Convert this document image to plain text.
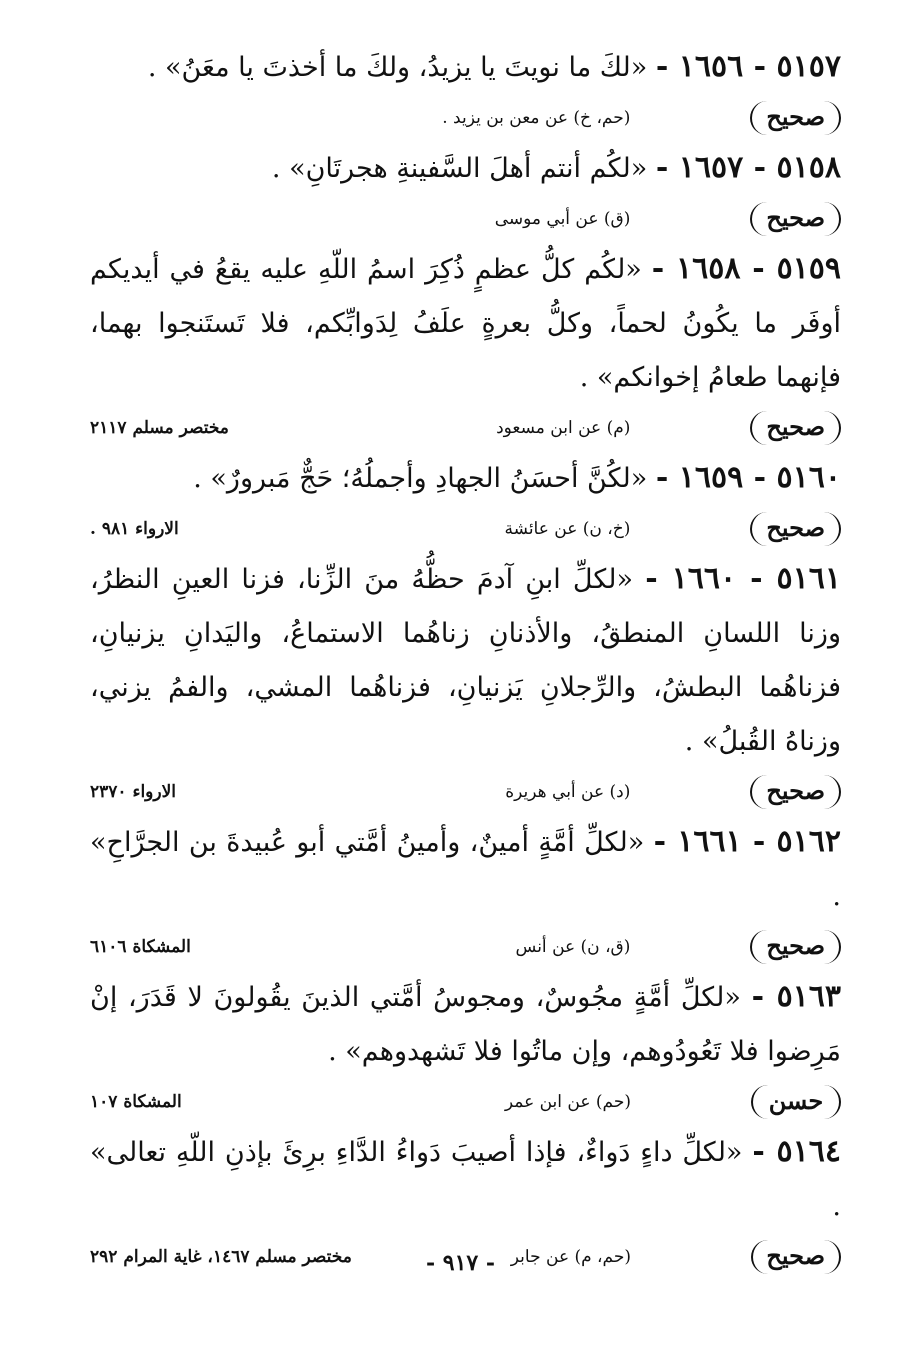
٥١٥٧ - ١٦٥٦ - «لكَ ما نويتَ يا يزيدُ، ولكَ ما أخذتَ يا معَنُ» .

صحيح
(حم، خ) عن معن بن يزيد .

٥١٥٨ - ١٦٥٧ - «لكُم أنتم أهلَ السَّفينةِ هجرتَانِ» .

صحيح
(ق) عن أبي موسى

٥١٥٩ - ١٦٥٨ - «لكُم كلُّ عظمٍ ذُكِرَ اسمُ اللّهِ عليه يقعُ في أيديكم أوفَر ما يكُونُ لحماً، وكلُّ بعرةٍ علَفُ لِدَوابِّكم، فلا تَستَنجوا بهما، فإنهما طعامُ إخوانكم» .

صحيح
(م) عن ابن مسعود
مختصر مسلم ٢١١٧

٥١٦٠ - ١٦٥٩ - «لكُنَّ أحسَنُ الجهادِ وأجملُهُ؛ حَجٌّ مَبرورٌ» .

صحيح
(خ، ن) عن عائشة
الارواء ٩٨١ .

٥١٦١ - ١٦٦٠ - «لكلِّ ابنِ آدمَ حظُّهُ منَ الزِّنا، فزنا العينِ النظرُ، وزنا اللسانِ المنطقُ، والأذنانِ زناهُما الاستماعُ، واليَدانِ يزنيانِ، فزناهُما البطشُ، والرِّجلانِ يَزنيانِ، فزناهُما المشي، والفمُ يزني، وزناهُ القُبلُ» .

صحيح
(د) عن أبي هريرة
الارواء ٢٣٧٠

٥١٦٢ - ١٦٦١ - «لكلِّ أمَّةٍ أمينٌ، وأمينُ أمَّتي أبو عُبيدةَ بن الجرَّاحِ» .

صحيح
(ق، ن) عن أنس
المشكاة ٦١٠٦

٥١٦٣ - «لكلِّ أمَّةٍ مجُوسٌ، ومجوسُ أمَّتي الذينَ يقُولونَ لا قَدَرَ، إنْ مَرِضوا فلا تَعُودُوهم، وإن ماتُوا فلا تَشهدوهم» .

حسن
(حم) عن ابن عمر
المشكاة ١٠٧

٥١٦٤ - «لكلِّ داءٍ دَواءٌ، فإذا أصيبَ دَواءُ الدَّاءِ برِئَ بإذنِ اللّهِ تعالى» .

صحيح
(حم، م) عن جابر
مختصر مسلم ١٤٦٧، غاية المرام ٢٩٢	- ٩١٧ -
